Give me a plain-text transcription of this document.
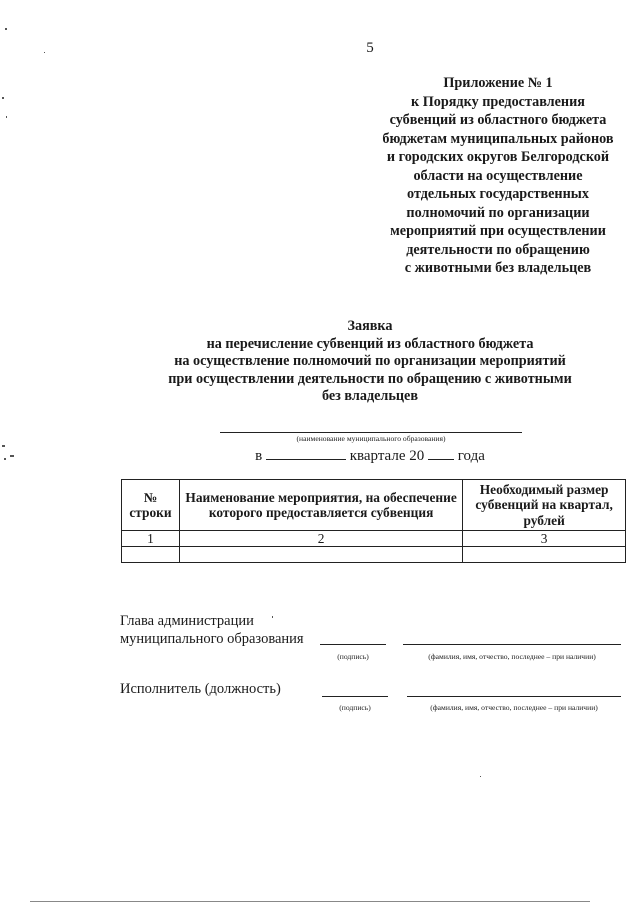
5
Приложение № 1
к Порядку предоставления
субвенций из областного бюджета
бюджетам муниципальных районов
и городских округов Белгородской
области на осуществление
отдельных государственных
полномочий по организации
мероприятий при осуществлении
деятельности по обращению
с животными без владельцев
Заявка
на перечисление субвенций из областного бюджета
на осуществление полномочий по организации мероприятий
при осуществлении деятельности по обращению с животными
без владельцев
(наименование муниципального образования)
в	квартале 20 года
№ строки	Наименование мероприятия, на обеспечение которого предоставляется субвенция	Необходимый размер субвенций на квартал, рублей
1	2	3

Глава администрации
муниципального образования
(подпись)	(фамилия, имя, отчество, последнее – при наличии)
Исполнитель (должность)
(подпись)	(фамилия, имя, отчество, последнее – при наличии)
